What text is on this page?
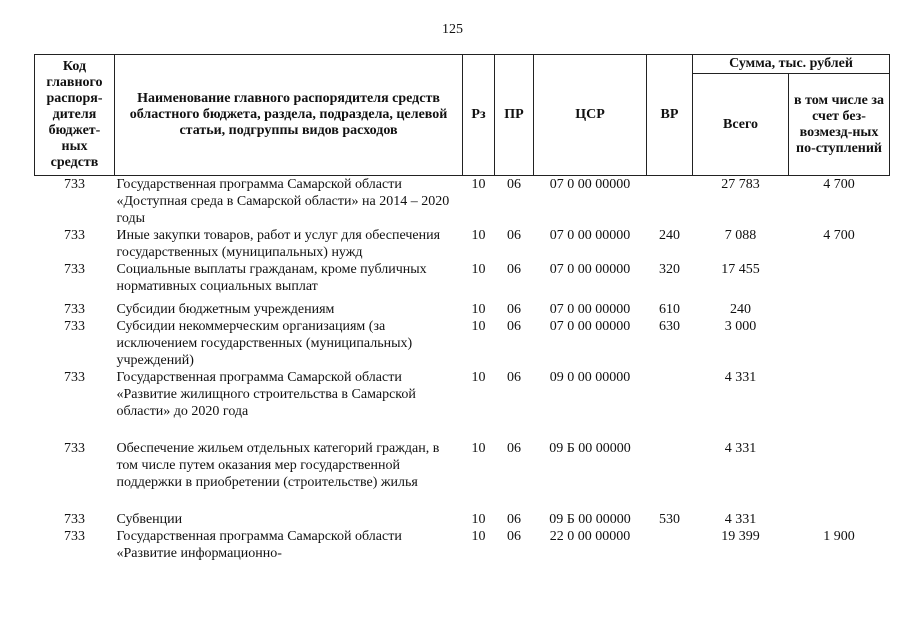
125
Код главного распоря-дителя бюджет-ных средств	Наименование главного распорядителя средств областного бюджета, раздела, подраздела, целевой статьи, подгруппы видов расходов	Рз	ПР	ЦСР	ВР	Сумма, тыс. рублей	
						Всего	в том числе за счет без-возмезд-ных по-ступлений
733	Государственная программа Самарской области «Доступная среда в Самарской области» на 2014 – 2020 годы	10	06	07 0 00 00000		27 783	4 700
733	Иные закупки товаров, работ и услуг для обеспечения государственных (муниципальных) нужд	10	06	07 0 00 00000	240	7 088	4 700
733	Социальные выплаты гражданам, кроме публичных нормативных социальных выплат	10	06	07 0 00 00000	320	17 455	
733	Субсидии бюджетным учреждениям	10	06	07 0 00 00000	610	240	
733	Субсидии некоммерческим организациям (за исключением государственных (муниципальных) учреждений)	10	06	07 0 00 00000	630	3 000	
733	Государственная программа Самарской области «Развитие жилищного строительства в Самарской области» до 2020 года	10	06	09 0 00 00000		4 331	

733	Обеспечение жильем отдельных категорий граждан, в том числе путем оказания мер государственной поддержки в приобретении (строительстве) жилья	10	06	09 Б 00 00000		4 331	

733	Субвенции	10	06	09 Б 00 00000	530	4 331	
733	Государственная программа Самарской области «Развитие информационно-	10	06	22 0 00 00000		19 399	1 900
